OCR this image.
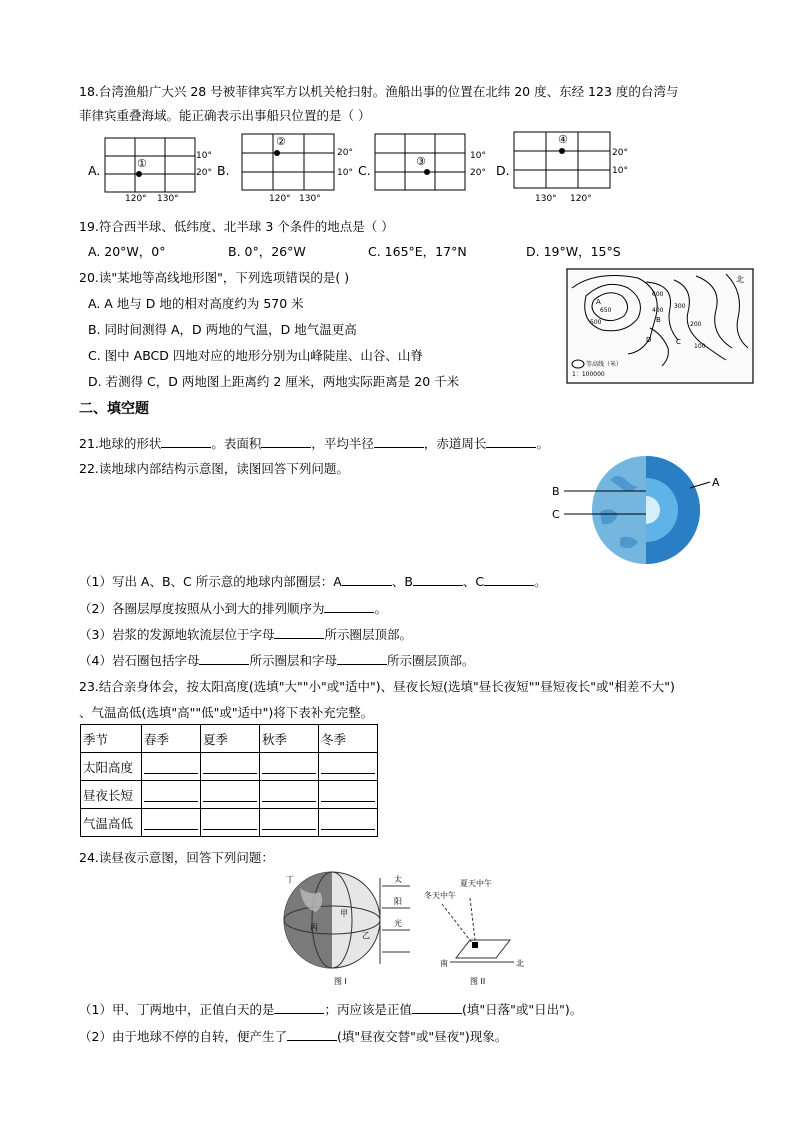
18.台湾渔船广大兴 28 号被菲律宾军方以机关枪扫射。渔船出事的位置在北纬 20 度、东经 123 度的台湾与
菲律宾重叠海域。能正确表示出事船只位置的是（ ）
A.	①
10°
20°
120° 130°
B.
②
20°
10°
120° 130°
C.
③	10°
20° D.
④
20°
10°
130° 120°
19.符合西半球、低纬度、北半球 3 个条件的地点是（ ）
A. 20°W，0°	B. 0°，26°W	C. 165°E，17°N	D. 19°W，15°S
20.读"某地等高线地形图"，下列选项错误的是( )
A. A 地与 D 地的相对高度约为 570 米
B. 同时间测得 A，D 两地的气温，D 地气温更高
C. 图中 ABCD 四地对应的地形分别为山峰陡崖、山谷、山脊
D. 若测得 C，D 两地图上距离约 2 厘米，两地实际距离是 20 千米
A
650
600
500
400
300
200
100
B
C
D
北
等高线（米）
1：100000
二、填空题
21.地球的形状	。表面积	，平均半径	，赤道周长	。
22.读地球内部结构示意图，读图回答下列问题。
B
C
A
（1）写出 A、B、C 所示意的地球内部圈层：A	、B	、C	。
（2）各圈层厚度按照从小到大的排列顺序为	。
（3）岩浆的发源地软流层位于字母	所示圈层顶部。
（4）岩石圈包括字母	所示圈层和字母	所示圈层顶部。
23.结合亲身体会，按太阳高度(选填"大""小"或"适中")、昼夜长短(选填"昼长夜短""昼短夜长"或"相差不大")
、气温高低(选填"高""低"或"适中")将下表补充完整。
季节	春季	夏季	秋季	冬季
太阳高度	

昼夜长短	

气温高低	

24.读昼夜示意图，回答下列问题：
太
阳
光
丁
丙
甲
乙
图 I
夏天中午
冬天中午
南	北
图 II
（1）甲、丁两地中，正值白天的是	；丙应该是正值	(填"日落"或"日出")。
（2）由于地球不停的自转，便产生了	(填"昼夜交替"或"昼夜")现象。
